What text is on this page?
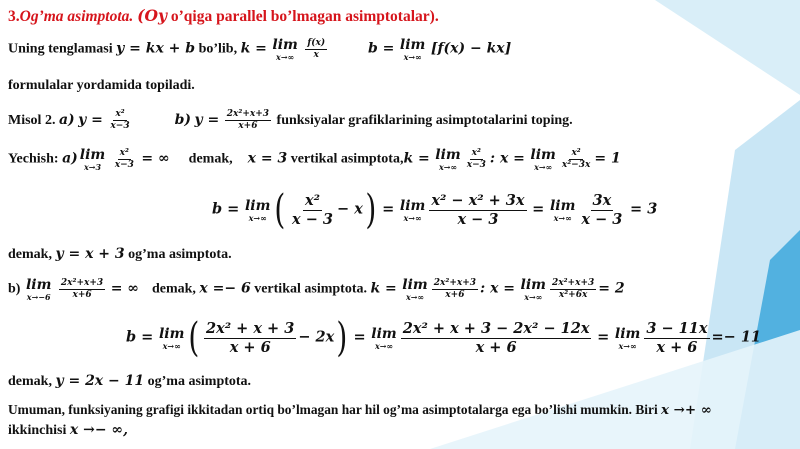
3.Og’ma asimptota. (Oy o’qiga parallel bo’lmagan asimptotalar).
Uning tenglamasi y = kx + b bo’lib, k = lim
x→∞
$\frac{f(x)}{x}$	b = lim
x→∞
[f(x) − kx]
formulalar yordamida topiladi.
Misol 2. a) $y = \frac{\text{x²}}{x-3}$	b) $y = \frac{\text{2x²+x+3}}{x+6}$ funksiyalar grafiklarining asimptotalarini toping.
Yechish: a) lim
x→3
$\frac{\text{x²}}{x-3}$ = ∞ demak, x = 3 vertikal asimptota,k = lim
$x\to\infty \frac{\text{x²}}{x-3}$ : x = lim
$x\to\infty \frac{\text{x²}}{\text{x²−3x}} = 1$
b = lim
x→∞ ( $\frac{\text{x²}}{x - 3} - x) = \lim$
$x\to\infty \frac{\text{x² − x² + 3x}}{x - 3} = \lim$
$x\to\infty \frac{3x}{x - 3} = 3$
demak, y = x + 3 og’ma asimptota.
b) lim
x→−6
$\frac{\text{2x²+x+3}}{x+6}$ = ∞ demak, x =− 6 vertikal asimptota. k = lim
$x\to\infty \frac{\text{2x²+x+3}}{x+6}$ : x = lim
$x\to\infty \frac{\text{2x²+x+3}}{\text{x²+6x}} = 2$
b = lim
x→∞ ( $\frac{\text{2x² + x + 3}}{x + 6} - 2x) = \lim$
$x\to\infty \frac{\text{2x² + x + 3 − 2x² − 12x}}{x + 6} = \lim$
$x\to\infty \frac{3 - 11x}{x + 6} =- 11$
demak, y = 2x − 11 og’ma asimptota.
Umuman, funksiyaning grafigi ikkitadan ortiq bo’lmagan har hil og’ma asimptotalarga ega bo’lishi mumkin. Biri x →+ ∞
ikkinchisi x →− ∞,
